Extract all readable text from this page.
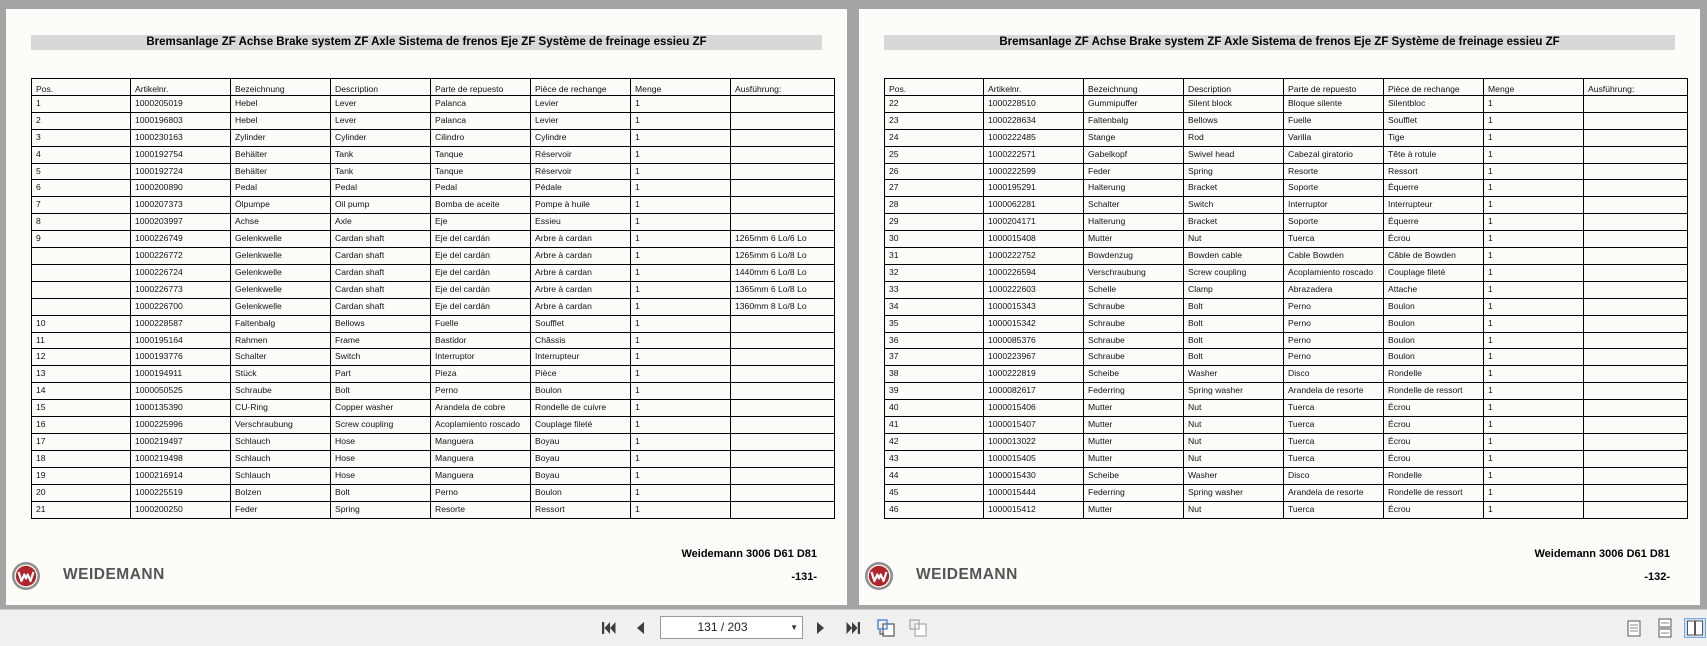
Bremsanlage ZF Achse Brake system ZF Axle Sistema de frenos Eje ZF Système de freinage essieu ZF
Pos.	Artikelnr.	Bezeichnung	Description	Parte de repuesto	Pièce de rechange	Menge	Ausführung:
1	1000205019	Hebel	Lever	Palanca	Levier	1	
2	1000196803	Hebel	Lever	Palanca	Levier	1	
3	1000230163	Zylinder	Cylinder	Cilindro	Cylindre	1	
4	1000192754	Behälter	Tank	Tanque	Réservoir	1	
5	1000192724	Behälter	Tank	Tanque	Réservoir	1	
6	1000200890	Pedal	Pedal	Pedal	Pédale	1	
7	1000207373	Ölpumpe	Oil pump	Bomba de aceite	Pompe à huile	1	
8	1000203997	Achse	Axle	Eje	Essieu	1	
9	1000226749	Gelenkwelle	Cardan shaft	Eje del cardán	Arbre à cardan	1	1265mm 6 Lo/6 Lo
	1000226772	Gelenkwelle	Cardan shaft	Eje del cardán	Arbre à cardan	1	1265mm 6 Lo/8 Lo
	1000226724	Gelenkwelle	Cardan shaft	Eje del cardán	Arbre à cardan	1	1440mm 6 Lo/8 Lo
	1000226773	Gelenkwelle	Cardan shaft	Eje del cardán	Arbre à cardan	1	1365mm 6 Lo/8 Lo
	1000226700	Gelenkwelle	Cardan shaft	Eje del cardán	Arbre à cardan	1	1360mm 8 Lo/8 Lo
10	1000228587	Faltenbalg	Bellows	Fuelle	Soufflet	1	
11	1000195164	Rahmen	Frame	Bastidor	Châssis	1	
12	1000193776	Schalter	Switch	Interruptor	Interrupteur	1	
13	1000194911	Stück	Part	Pieza	Pièce	1	
14	1000050525	Schraube	Bolt	Perno	Boulon	1	
15	1000135390	CU-Ring	Copper washer	Arandela de cobre	Rondelle de cuivre	1	
16	1000225996	Verschraubung	Screw coupling	Acoplamiento roscado	Couplage fileté	1	
17	1000219497	Schlauch	Hose	Manguera	Boyau	1	
18	1000219498	Schlauch	Hose	Manguera	Boyau	1	
19	1000216914	Schlauch	Hose	Manguera	Boyau	1	
20	1000225519	Bolzen	Bolt	Perno	Boulon	1	
21	1000200250	Feder	Spring	Resorte	Ressort	1	
WEIDEMANN
Weidemann 3006 D61 D81
-131-
Bremsanlage ZF Achse Brake system ZF Axle Sistema de frenos Eje ZF Système de freinage essieu ZF
Pos.	Artikelnr.	Bezeichnung	Description	Parte de repuesto	Pièce de rechange	Menge	Ausführung:
22	1000228510	Gummipuffer	Silent block	Bloque silente	Silentbloc	1	
23	1000228634	Faltenbalg	Bellows	Fuelle	Soufflet	1	
24	1000222485	Stange	Rod	Varilla	Tige	1	
25	1000222571	Gabelkopf	Swivel head	Cabezal giratorio	Tête à rotule	1	
26	1000222599	Feder	Spring	Resorte	Ressort	1	
27	1000195291	Halterung	Bracket	Soporte	Équerre	1	
28	1000062281	Schalter	Switch	Interruptor	Interrupteur	1	
29	1000204171	Halterung	Bracket	Soporte	Équerre	1	
30	1000015408	Mutter	Nut	Tuerca	Écrou	1	
31	1000222752	Bowdenzug	Bowden cable	Cable Bowden	Câble de Bowden	1	
32	1000226594	Verschraubung	Screw coupling	Acoplamiento roscado	Couplage fileté	1	
33	1000222603	Schelle	Clamp	Abrazadera	Attache	1	
34	1000015343	Schraube	Bolt	Perno	Boulon	1	
35	1000015342	Schraube	Bolt	Perno	Boulon	1	
36	1000085376	Schraube	Bolt	Perno	Boulon	1	
37	1000223967	Schraube	Bolt	Perno	Boulon	1	
38	1000222819	Scheibe	Washer	Disco	Rondelle	1	
39	1000082617	Federring	Spring washer	Arandela de resorte	Rondelle de ressort	1	
40	1000015406	Mutter	Nut	Tuerca	Écrou	1	
41	1000015407	Mutter	Nut	Tuerca	Écrou	1	
42	1000013022	Mutter	Nut	Tuerca	Écrou	1	
43	1000015405	Mutter	Nut	Tuerca	Écrou	1	
44	1000015430	Scheibe	Washer	Disco	Rondelle	1	
45	1000015444	Federring	Spring washer	Arandela de resorte	Rondelle de ressort	1	
46	1000015412	Mutter	Nut	Tuerca	Écrou	1	
WEIDEMANN
Weidemann 3006 D61 D81
-132-
131 / 203	▼
